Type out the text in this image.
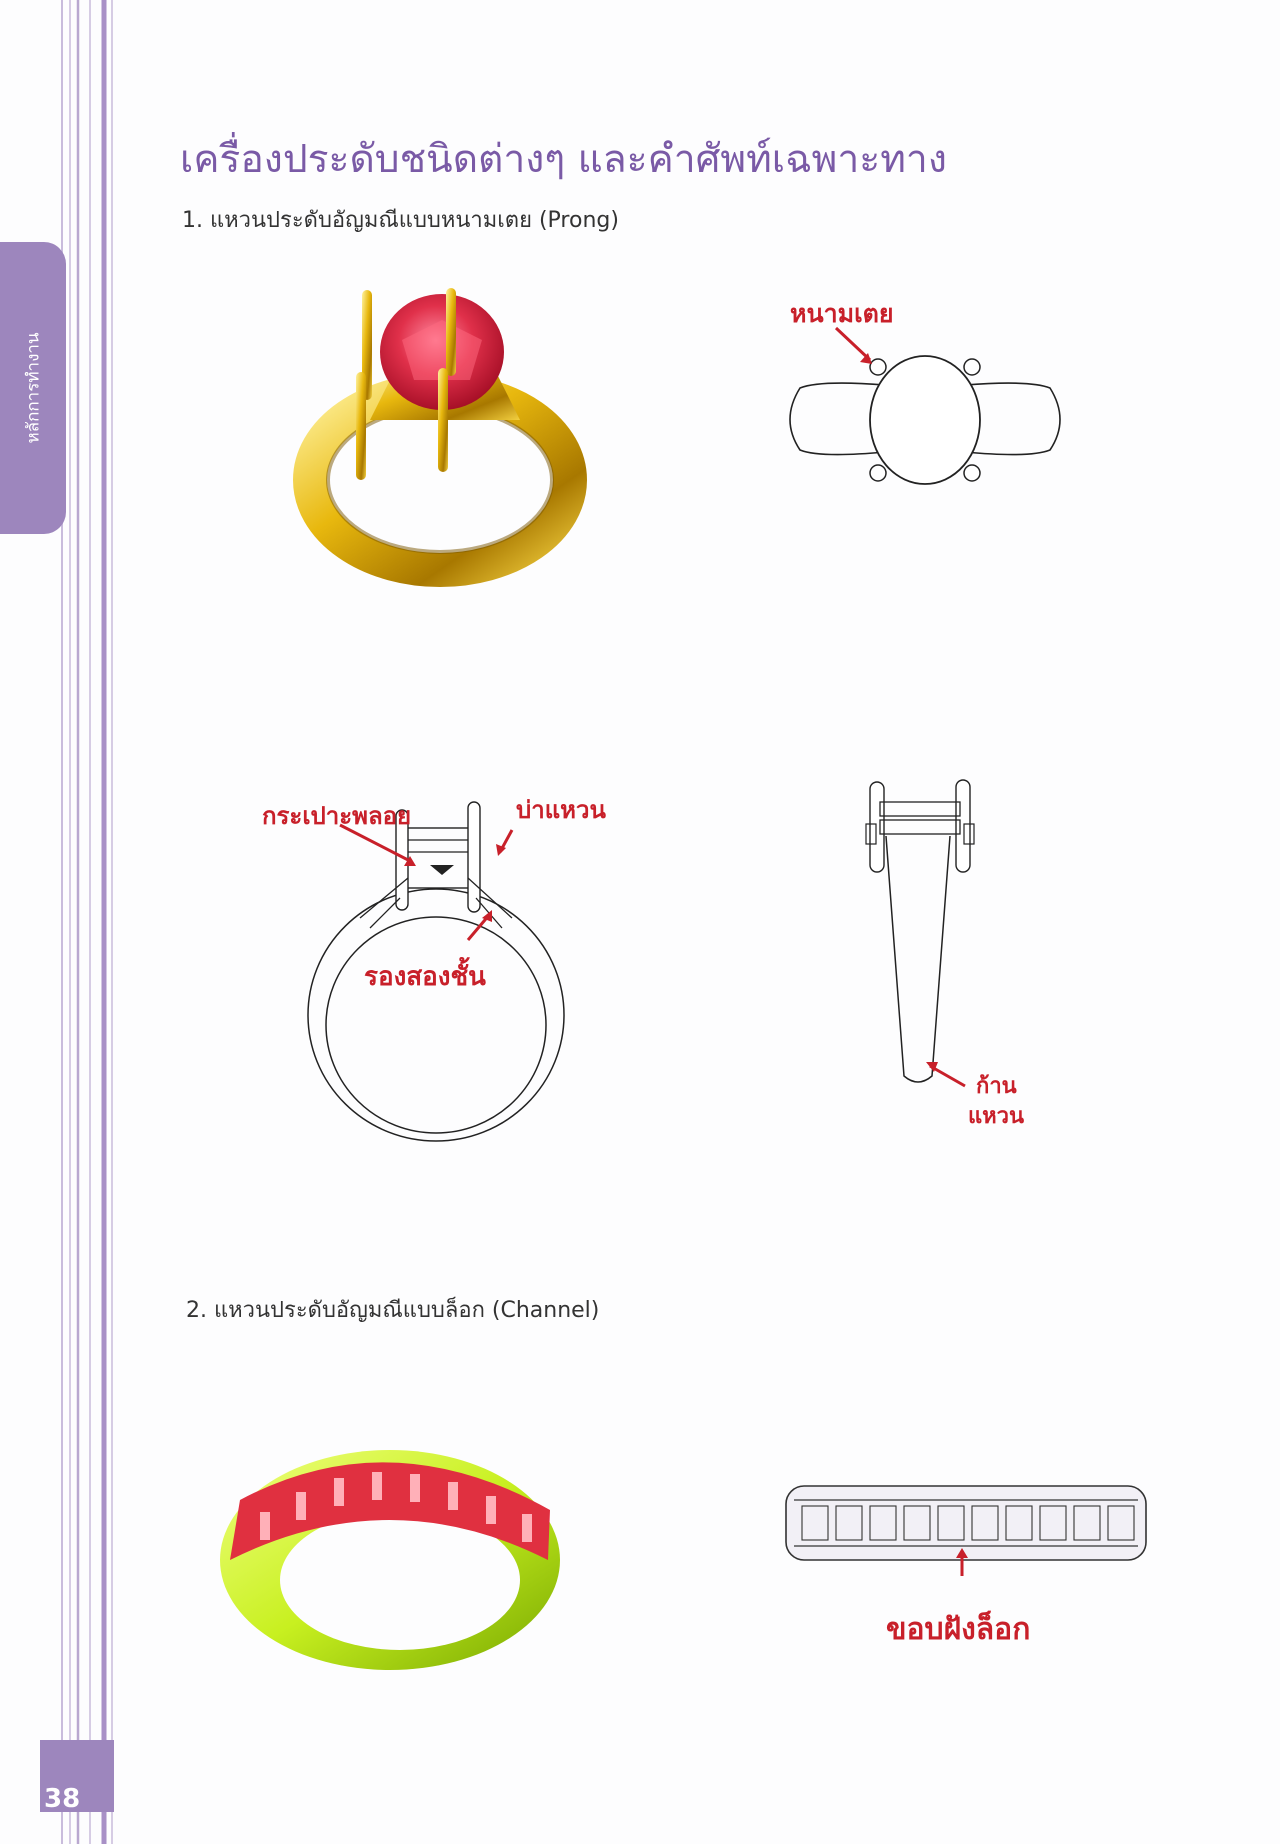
หลักการทำงาน
38
เครื่องประดับชนิดต่างๆ และคำศัพท์เฉพาะทาง
1. แหวนประดับอัญมณีแบบหนามเตย (Prong)
2. แหวนประดับอัญมณีแบบล็อก (Channel)
หนามเตย
กระเปาะพลอย	บ่าแหวน
รองสองชั้น
ก้าน
แหวน
ขอบฝังล็อก
